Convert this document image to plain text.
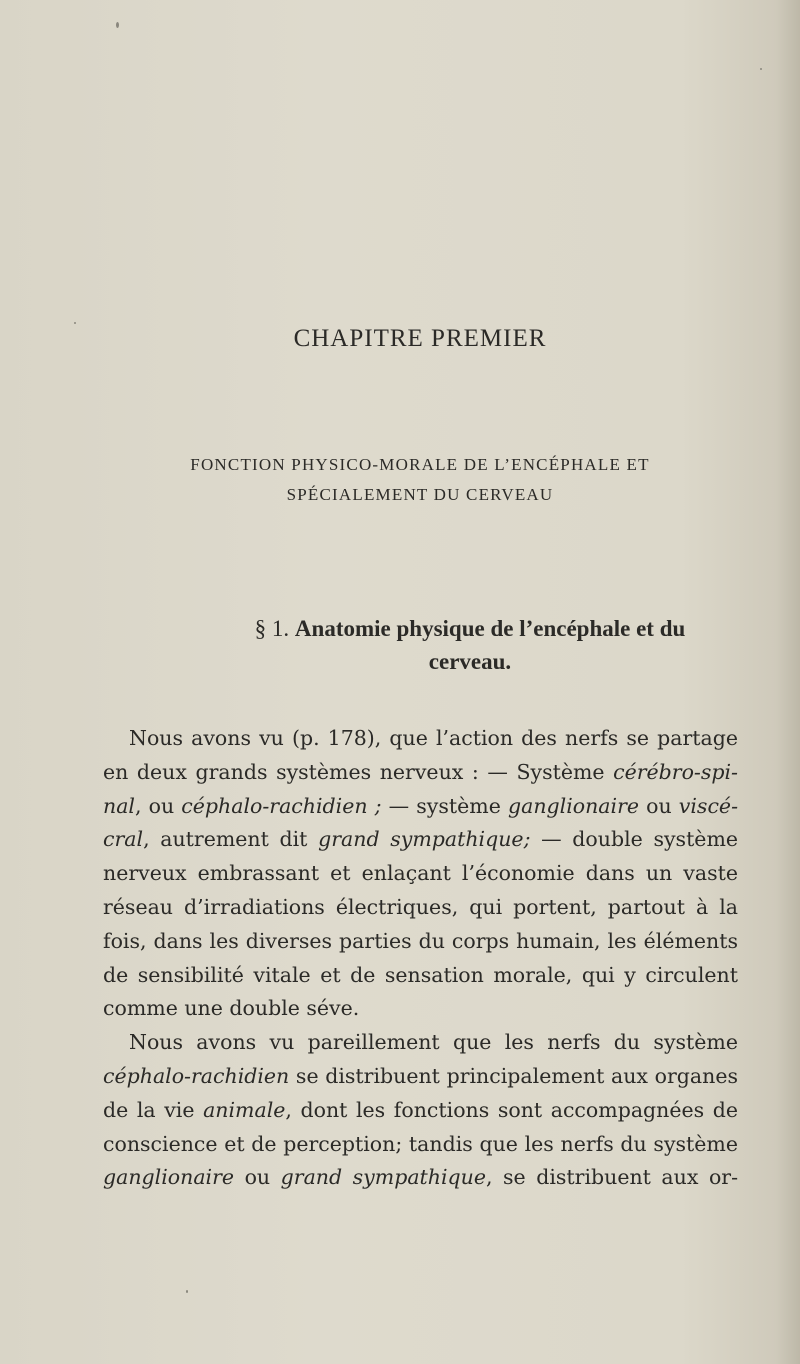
CHAPITRE PREMIER
FONCTION PHYSICO-MORALE DE L’ENCÉPHALE ET
SPÉCIALEMENT DU CERVEAU
§ 1. Anatomie physique de l’encéphale et du
cerveau.
Nous avons vu (p. 178), que l’action des nerfs se partage
en deux grands systèmes nerveux : — Système cérébro-spi-
nal, ou céphalo-rachidien ; — système ganglionaire ou viscé-
cral, autrement dit grand sympathique; — double système
nerveux embrassant et enlaçant l’économie dans un vaste
réseau d’irradiations électriques, qui portent, partout à la
fois, dans les diverses parties du corps humain, les éléments
de sensibilité vitale et de sensation morale, qui y circulent
comme une double séve.
Nous avons vu pareillement que les nerfs du système
céphalo-rachidien se distribuent principalement aux organes
de la vie animale, dont les fonctions sont accompagnées de
conscience et de perception; tandis que les nerfs du système
ganglionaire ou grand sympathique, se distribuent aux or-
